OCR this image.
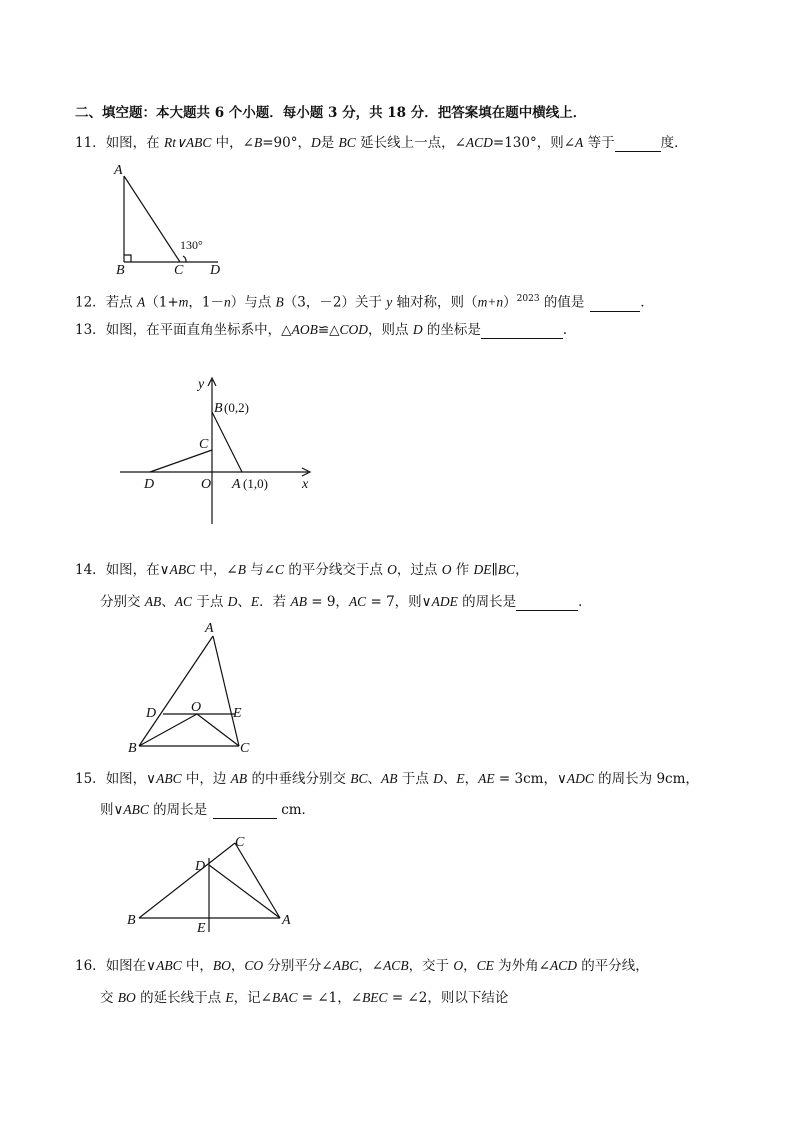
二、填空题：本大题共 6 个小题．每小题 3 分，共 18 分．把答案填在题中横线上．
11．如图，在 Rt∨ABC 中，∠B=90°，D是 BC 延长线上一点，∠ACD=130°，则∠A 等于	度．
A
B	C D
130°
12．若点 A（1+m，1－n）与点 B（3，－2）关于 y 轴对称，则$(m+n)^{2023}$ 的值是	．
13．如图，在平面直角坐标系中，△AOB≌△COD，则点 D 的坐标是	．
y
x
B (0,2)
C
D	O A (1,0)
14．如图，在∨ABC 中，∠B 与∠C 的平分线交于点 O，过点 O 作 DE∥BC，
分别交 AB、AC 于点 D、E．若 AB = 9，AC = 7，则∨ADE 的周长是	．
A
D O E
B	C
15．如图，∨ABC 中，边 AB 的中垂线分别交 BC、AB 于点 D、E，AE = 3cm，∨ADC 的周长为 9cm，
则∨ABC 的周长是	cm．
C
D
B
E
A
16．如图在∨ABC 中，BO，CO 分别平分∠ABC，∠ACB，交于 O，CE 为外角∠ACD 的平分线，
交 BO 的延长线于点 E，记∠BAC = ∠1，∠BEC = ∠2，则以下结论
